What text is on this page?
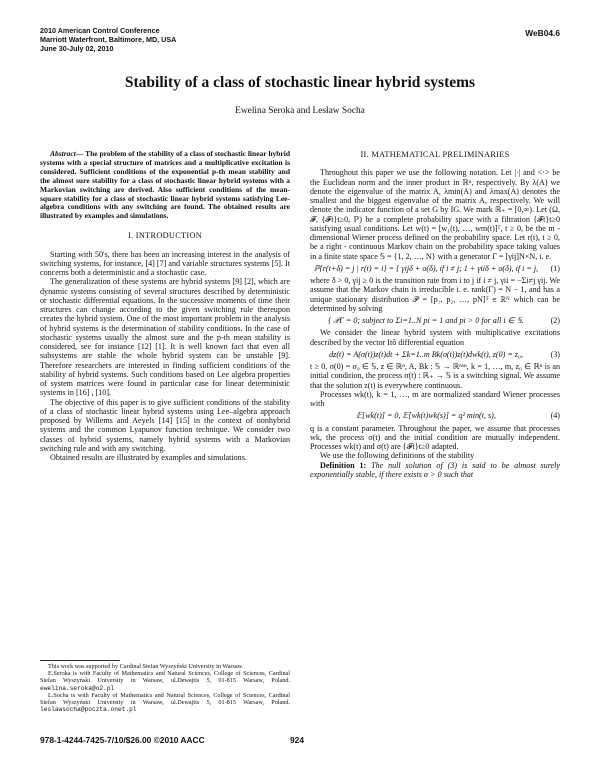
2010 American Control Conference
Marriott Waterfront, Baltimore, MD, USA
June 30-July 02, 2010
WeB04.6
Stability of a class of stochastic linear hybrid systems
Ewelina Seroka and Lesław Socha

Abstract— The problem of the stability of a class of stochastic linear hybrid systems with a special structure of matrices and a multiplicative excitation is considered. Sufficient conditions of the exponential p-th mean stability and the almost sure stability for a class of stochastic linear hybrid systems with a Markovian switching are derived. Also sufficient conditions of the mean-square stability for a class of stochastic linear hybrid systems satisfying Lee- algebra conditions with any switching are found. The obtained results are illustrated by examples and simulations.

I. INTRODUCTION

Starting with 50's, there has been an increasing interest in the analysis of switching systems, for instance, [4] [7] and variable structures systems [5]. It concerns both a deterministic and a stochastic case.

The generalization of these systems are hybrid systems [9] [2], which are dynamic systems consisting of several structures described by deterministic or stochastic differential equations. In the successive moments of time their structures can change according to the given switching rule thereupon creates the hybrid system. One of the most important problem in the analysis of hybrid systems is the determination of stability conditions. In the case of stochastic systems usually the almost sure and the p-th mean stability is considered, see for instance [12] [1]. It is well known fact that even all subsystems are stable the whole hybrid system can be unstable [9]. Therefore researchers are interested in finding sufficient conditions of the stability of hybrid systems. Such conditions based on Lee algebra properties of system matrices were found in particular case for linear deterministic systems in [16] , [10].

The objective of this paper is to give sufficient conditions of the stability of a class of stochastic linear hybrid systems using Lee–algebra approach proposed by Willems and Aeyels [14] [15] in the context of nonhybrid systems and the common Lyapunov function technique. We consider two classes of hybrid systems, namely hybrid systems with a Markovian switching rule and with any switching.

Obtained results are illustrated by examples and simulations.

This work was supported by Cardinal Stefan Wyszyński University in Warsaw.

E.Seroka is with Faculty of Mathematics and Natural Sciences, College of Sciences, Cardinal Stefan Wyszyński University in Warsaw, ul.Dewajtis 5, 01-815 Warsaw, Poland. ewelina.seroka@o2.pl

L.Socha is with Faculty of Mathematics and Natural Sciences, College of Sciences, Cardinal Stefan Wyszyński University in Warsaw, ul.Dewajtis 5, 01-815 Warsaw, Poland. leslawsocha@poczta.onet.pl

II. MATHEMATICAL PRELIMINARIES

Throughout this paper we use the following notation. Let |·| and <·> be the Euclidean norm and the inner product in ℝⁿ, respectively. By λ(A) we denote the eigenvalue of the matrix A, λmin(A) and λmax(A) denotes the smallest and the biggest eigenvalue of the matrix A, respectively. We will denote the indicator function of a set G by IG. We mark ℝ₊ = [0,∞). Let (Ω, 𝓕, {𝓕t}t≥0, ℙ) be a complete probability space with a filtration {𝓕t}t≥0 satisfying usual conditions. Let w(t) = [w₁(t), …, wm(t)]ᵀ, t ≥ 0, be the m - dimensional Wiener process defined on the probability space. Let r(t), t ≥ 0, be a right - continuous Markov chain on the probability space taking values in a finite state space 𝕊 = {1, 2, …, N} with a generator Γ = [γij]N×N, i. e.

ℙ{r(t+δ) = j | r(t) = i} = { γijδ + o(δ), if i ≠ j; 1 + γiiδ + o(δ), if i = j,	(1)

where δ > 0, γij ≥ 0 is the transition rate from i to j if i ≠ j, γii = −Σi≠j γij. We assume that the Markov chain is irreducible i. e. rank(Γ) = N − 1, and has a unique stationary distribution 𝒫 = [p₁, p₂, …, pN]ᵀ ∈ ℝᴺ which can be determined by solving

{ 𝒫Γ = 0; subject to Σi=1..N pi = 1 and pi > 0 for all i ∈ 𝕊.	(2)

We consider the linear hybrid system with multiplicative excitations described by the vector Itô differential equation

dz(t) = A(σ(t))z(t)dt + Σk=1..m Bk(σ(t))z(t)dwk(t), z(0) = z₀,	(3)

t ≥ 0, σ(0) = σ₀ ∈ 𝕊, z ∈ ℝⁿ, A, Bk : 𝕊 → ℝⁿˣⁿ, k = 1, …, m, z₀ ∈ ℝⁿ is an initial condition, the process σ(t) : ℝ₊ → 𝕊 is a switching signal. We assume that the solution z(t) is everywhere continuous.

Processes wk(t), k = 1, …, m are normalized standard Wiener processes with

𝔼[wk(t)] = 0, 𝔼[wk(t)wk(s)] = q² min(t, s),	(4)

q is a constant parameter. Throughout the paper, we assume that processes wk, the process σ(t) and the initial condition are mutually independent. Processes wk(t) and σ(t) are {𝓕t}t≥0 adapted.

We use the following definitions of the stability

Definition 1: The null solution of (3) is said to be almost surely exponentially stable, if there exists α > 0 such that

978-1-4244-7425-7/10/$26.00 ©2010 AACC	924
